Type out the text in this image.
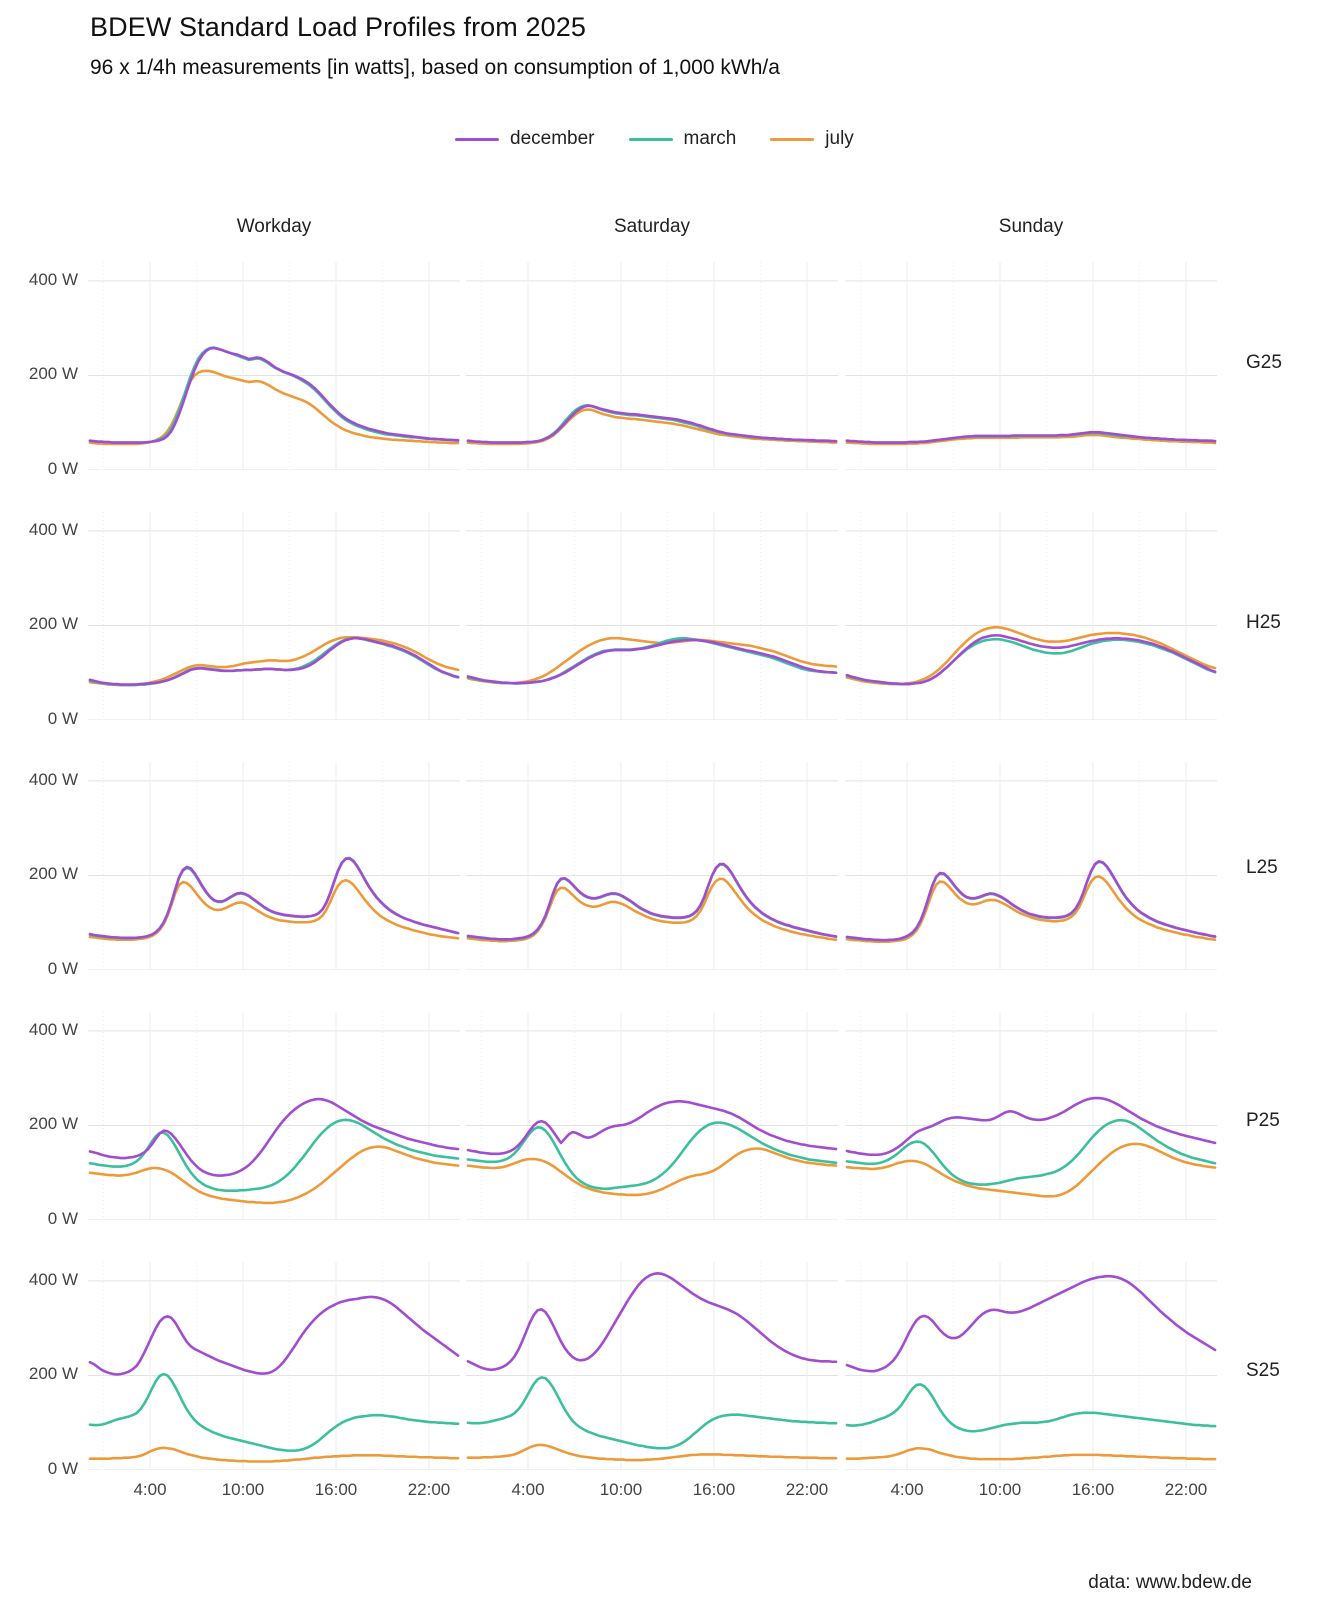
BDEW Standard Load Profiles from 2025
96 x 1/4h measurements [in watts], based on consumption of 1,000 kWh/a
december	march	july
Workday	Saturday	Sunday
G25
H25
L25
P25
S25
0 W
200 W
400 W
0 W
200 W
400 W
0 W
200 W
400 W
0 W
200 W
400 W
0 W
200 W
400 W
4:00	10:00	16:00	22:00	4:00	10:00	16:00	22:00	4:00	10:00	16:00	22:00
data: www.bdew.de
